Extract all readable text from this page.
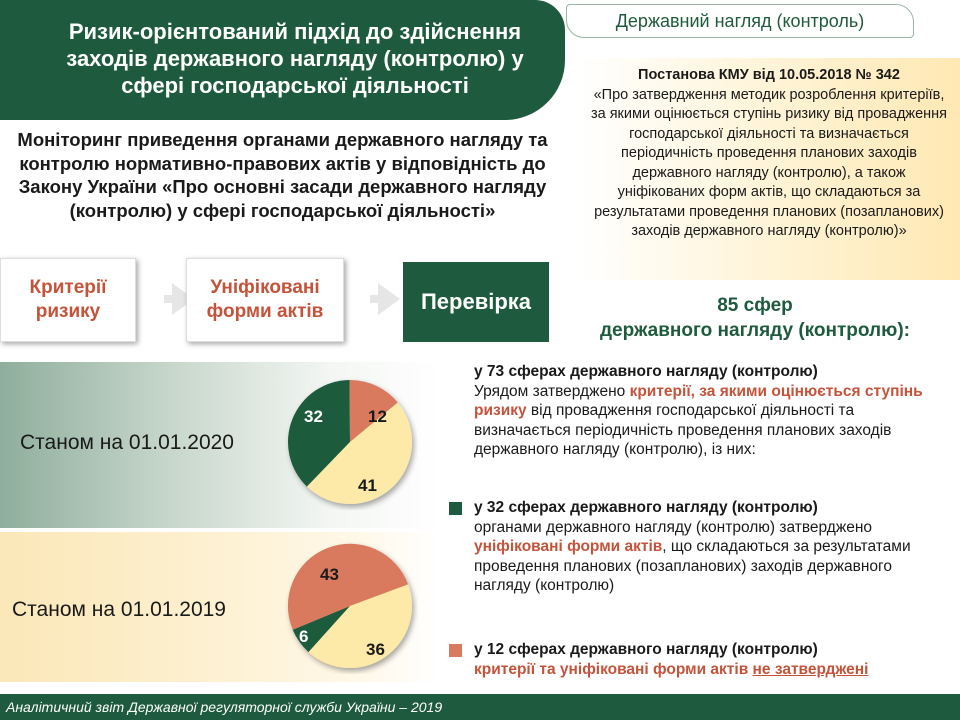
Ризик-орієнтований підхід до здійснення заходів державного нагляду (контролю) у сфері господарської діяльності
Державний нагляд (контроль)
Постанова КМУ від 10.05.2018 № 342
«Про затвердження методик розроблення критеріїв, за якими оцінюється ступінь ризику від провадження господарської діяльності та визначається періодичність проведення планових заходів державного нагляду (контролю), а також уніфікованих форм актів, що складаються за результатами проведення планових (позапланових) заходів державного нагляду (контролю)»
Моніторинг приведення органами державного нагляду та контролю нормативно-правових актів у відповідність до Закону України «Про основні засади державного нагляду (контролю) у сфері господарської діяльності»
Критерії ризику
Уніфіковані форми актів	Перевірка	85 сфер
державного нагляду (контролю):
Станом на 01.01.2020
Станом на 01.01.2019
32	12
41
6
43
36
у 73 сферах державного нагляду (контролю)
Урядом затверджено критерії, за якими оцінюється ступінь ризику від провадження господарської діяльності та визначається періодичність проведення планових заходів державного нагляду (контролю), із них:
у 32 сферах державного нагляду (контролю)
органами державного нагляду (контролю) затверджено уніфіковані форми актів, що складаються за результатами проведення планових (позапланових) заходів державного нагляду (контролю)
у 12 сферах державного нагляду (контролю)
критерії та уніфіковані форми актів не затверджені
Аналітичний звіт Державної регуляторної служби України – 2019
